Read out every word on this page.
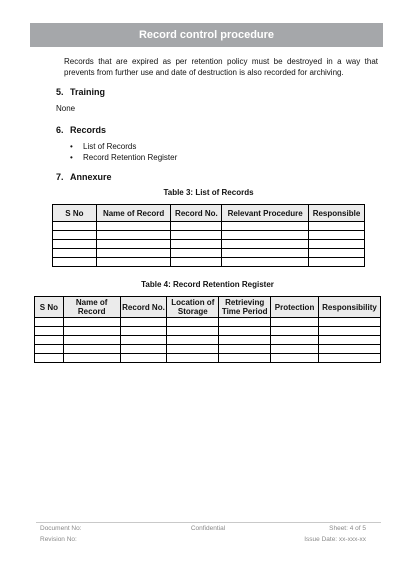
Record control procedure
Records that are expired as per retention policy must be destroyed in a way that prevents from further use and date of destruction is also recorded for archiving.
5. Training
None
6. Records
•	List of Records
•	Record Retention Register
7. Annexure
Table 3: List of Records
S No	Name of Record	Record No.	Relevant Procedure	Responsible

Table 4: Record Retention Register
S No	Name of Record	Record No.	Location of Storage	Retrieving Time Period	Protection	Responsibility

Document No:
Revision No:
Confidential	Sheet: 4 of 5
Issue Date: xx-xxx-xx
